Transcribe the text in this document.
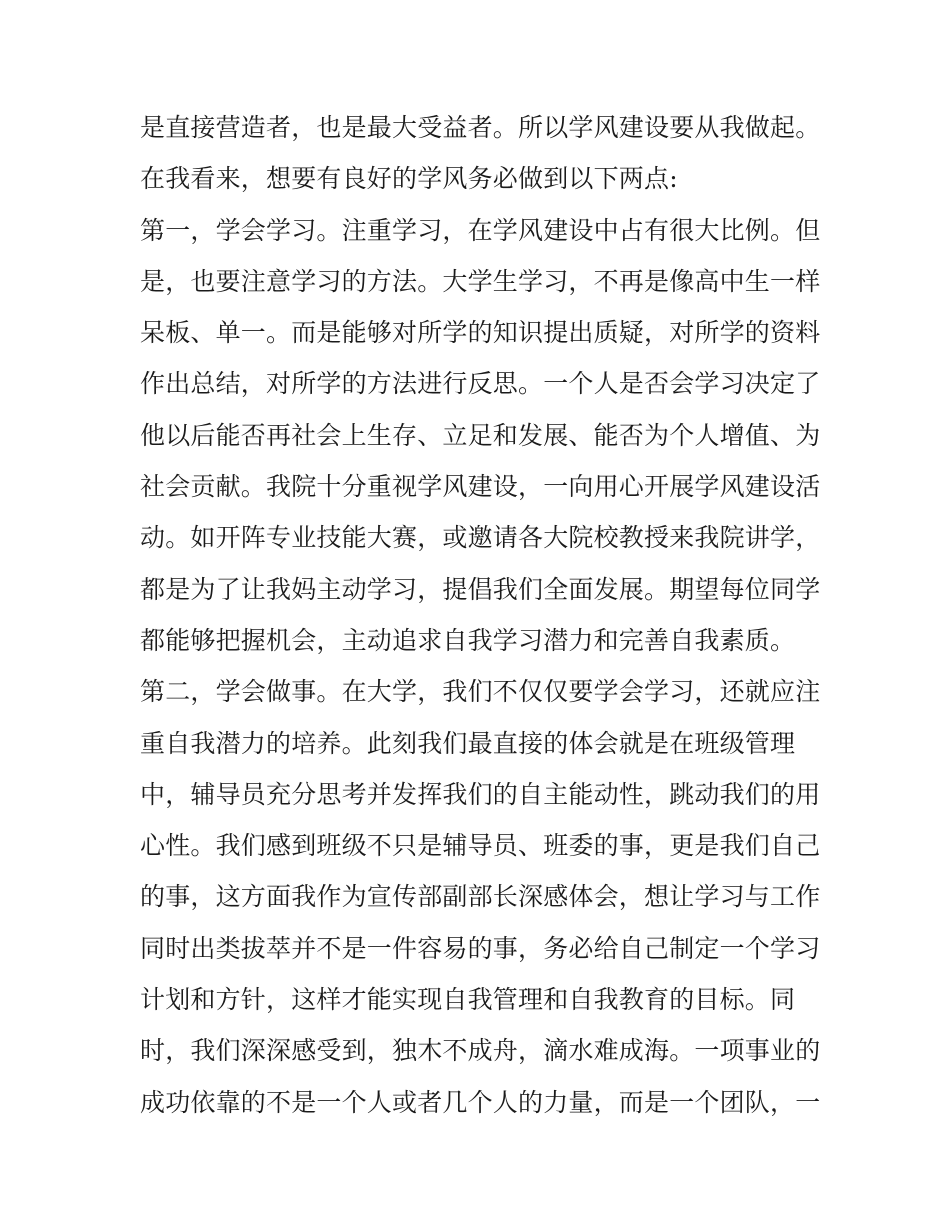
是直接营造者，也是最大受益者。所以学风建设要从我做起。
在我看来，想要有良好的学风务必做到以下两点:
第一，学会学习。注重学习，在学风建设中占有很大比例。但
是，也要注意学习的方法。大学生学习，不再是像高中生一样
呆板、单一。而是能够对所学的知识提出质疑，对所学的资料
作出总结，对所学的方法进行反思。一个人是否会学习决定了
他以后能否再社会上生存、立足和发展、能否为个人增值、为
社会贡献。我院十分重视学风建设，一向用心开展学风建设活
动。如开阵专业技能大赛，或邀请各大院校教授来我院讲学，
都是为了让我妈主动学习，提倡我们全面发展。期望每位同学
都能够把握机会，主动追求自我学习潜力和完善自我素质。
第二，学会做事。在大学，我们不仅仅要学会学习，还就应注
重自我潜力的培养。此刻我们最直接的体会就是在班级管理
中，辅导员充分思考并发挥我们的自主能动性，跳动我们的用
心性。我们感到班级不只是辅导员、班委的事，更是我们自己
的事，这方面我作为宣传部副部长深感体会，想让学习与工作
同时出类拔萃并不是一件容易的事，务必给自己制定一个学习
计划和方针，这样才能实现自我管理和自我教育的目标。同
时，我们深深感受到，独木不成舟，滴水难成海。一项事业的
成功依靠的不是一个人或者几个人的力量，而是一个团队，一
